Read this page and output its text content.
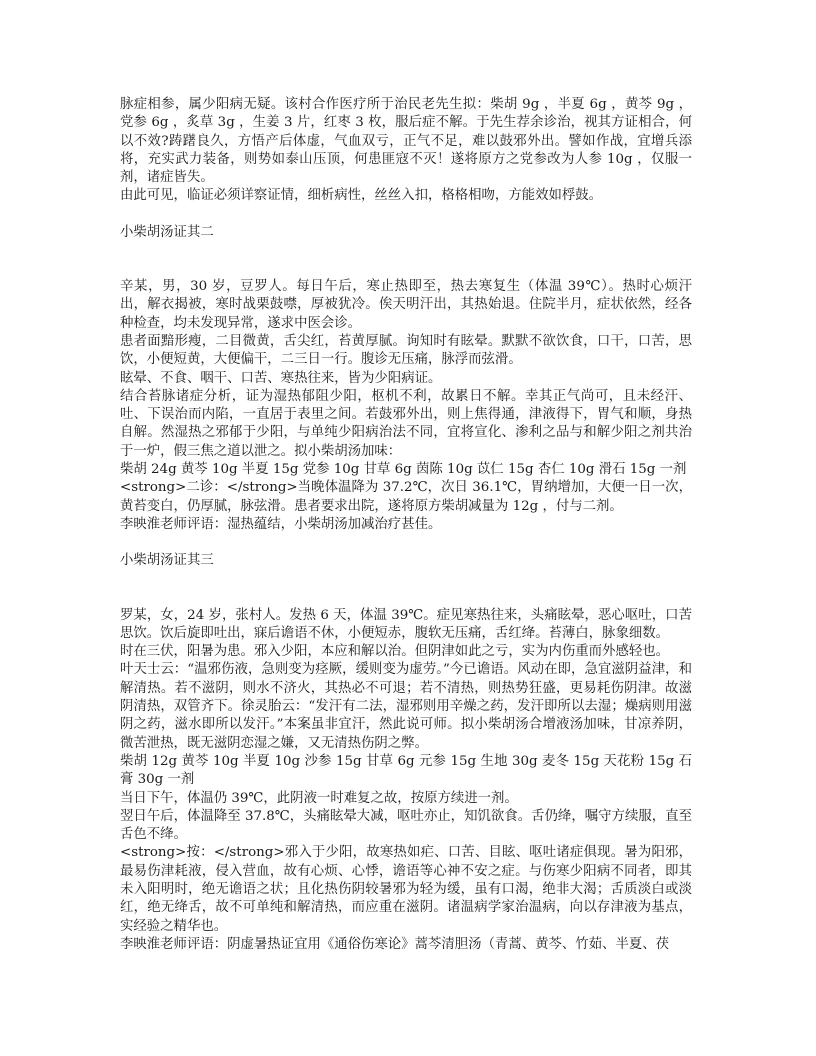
脉症相参，属少阳病无疑。该村合作医疗所于治民老先生拟：柴胡 9g ，半夏 6g ，黄芩 9g ，党参 6g ，炙草 3g ，生姜 3 片，红枣 3 枚，服后症不解。于先生荐余诊治，视其方证相合，何以不效?踌躇良久，方悟产后体虚，气血双亏，正气不足，难以鼓邪外出。譬如作战，宜增兵添将，充实武力装备，则势如泰山压顶，何患匪寇不灭！遂将原方之党参改为人参 10g ，仅服一剂，诸症皆失。

由此可见，临证必须详察证情，细析病性，丝丝入扣，格格相吻，方能效如桴鼓。

小柴胡汤证其二

辛某，男，30 岁，豆罗人。每日午后，寒止热即至，热去寒复生（体温 39℃）。热时心烦汗出，解衣揭被，寒时战栗鼓噤，厚被犹冷。俟天明汗出，其热始退。住院半月，症状依然，经各种检查，均未发现异常，遂求中医会诊。

患者面黯形瘦，二目微黄，舌尖红，苔黄厚腻。询知时有眩晕。默默不欲饮食，口干，口苦，思饮，小便短黄，大便偏干，二三日一行。腹诊无压痛，脉浮而弦滑。

眩晕、不食、咽干、口苦、寒热往来，皆为少阳病证。

结合苔脉诸症分析，证为湿热郁阻少阳，枢机不利，故累日不解。幸其正气尚可，且未经汗、吐、下误治而内陷，一直居于表里之间。若鼓邪外出，则上焦得通，津液得下，胃气和顺，身热自解。然湿热之邪郁于少阳，与单纯少阳病治法不同，宜将宣化、渗利之品与和解少阳之剂共治于一炉，假三焦之道以泄之。拟小柴胡汤加味：

柴胡 24g 黄芩 10g 半夏 15g 党参 10g 甘草 6g 茵陈 10g 苡仁 15g 杏仁 10g 滑石 15g 一剂

<strong>二诊：</strong>当晚体温降为 37.2℃，次日 36.1℃，胃纳增加，大便一日一次，黄苔变白，仍厚腻，脉弦滑。患者要求出院，遂将原方柴胡减量为 12g ，付与二剂。

李映淮老师评语：湿热蕴结，小柴胡汤加减治疗甚佳。

小柴胡汤证其三

罗某，女，24 岁，张村人。发热 6 天，体温 39℃。症见寒热往来，头痛眩晕，恶心呕吐，口苦思饮。饮后旋即吐出，寐后谵语不休，小便短赤，腹软无压痛，舌红绛。苔薄白，脉象细数。

时在三伏，阳暑为患。邪入少阳，本应和解以治。但阴津如此之亏，实为内伤重而外感轻也。

叶天士云：“温邪伤液，急则变为痉厥，缓则变为虚劳。”今已谵语。风动在即，急宜滋阴益津，和解清热。若不滋阴，则水不济火，其热必不可退；若不清热，则热势狂盛，更易耗伤阴津。故滋阴清热，双管齐下。徐灵胎云：“发汗有二法，湿邪则用辛燥之药，发汗即所以去湿；燥病则用滋阴之药，滋水即所以发汗。”本案虽非宜汗，然此说可师。拟小柴胡汤合增液汤加味，甘凉养阴，微苦泄热，既无滋阴恋湿之嫌，又无清热伤阴之弊。

柴胡 12g 黄芩 10g 半夏 10g 沙参 15g 甘草 6g 元参 15g 生地 30g 麦冬 15g 天花粉 15g 石膏 30g 一剂

当日下午，体温仍 39℃，此阴液一时难复之故，按原方续进一剂。

翌日午后，体温降至 37.8℃，头痛眩晕大减，呕吐亦止，知饥欲食。舌仍绛，嘱守方续服，直至舌色不绛。

<strong>按：</strong>邪入于少阳，故寒热如疟、口苦、目眩、呕吐诸症俱现。暑为阳邪，最易伤津耗液，侵入营血，故有心烦、心悸，谵语等心神不安之症。与伤寒少阳病不同者，即其未入阳明时，绝无谵语之状；且化热伤阴较暑邪为轻为缓，虽有口渴，绝非大渴；舌质淡白或淡红，绝无绛舌，故不可单纯和解清热，而应重在滋阴。诸温病学家治温病，向以存津液为基点，实经验之精华也。

李映淮老师评语：阴虚暑热证宜用《通俗伤寒论》蒿芩清胆汤（青蒿、黄芩、竹茹、半夏、茯
